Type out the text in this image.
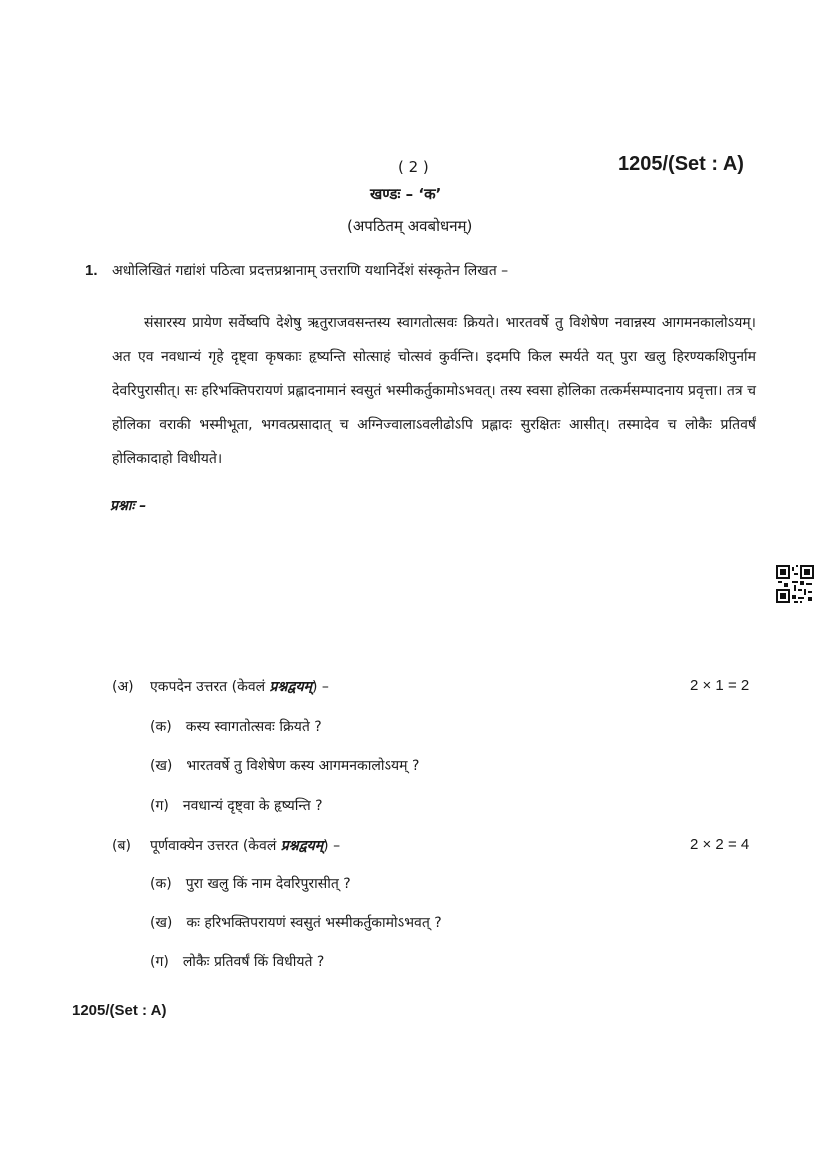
( 2 )	1205/(Set : A)
खण्डः – ‘क’
(अपठितम् अवबोधनम्)
1. अधोलिखितं गद्यांशं पठित्वा प्रदत्तप्रश्नानाम् उत्तराणि यथानिर्देशं संस्कृतेन लिखत –
संसारस्य प्रायेण सर्वेष्वपि देशेषु ऋतुराजवसन्तस्य स्वागतोत्सवः क्रियते। भारतवर्षे तु विशेषेण नवान्नस्य आगमनकालोऽयम्। अत एव नवधान्यं गृहे दृष्ट्वा कृषकाः हृष्यन्ति सोत्साहं चोत्सवं कुर्वन्ति। इदमपि किल स्मर्यते यत् पुरा खलु हिरण्यकशिपुर्नाम देवरिपुरासीत्। सः हरिभक्तिपरायणं प्रह्लादनामानं स्वसुतं भस्मीकर्तुकामोऽभवत्। तस्य स्वसा होलिका तत्कर्मसम्पादनाय प्रवृत्ता। तत्र च होलिका वराकी भस्मीभूता, भगवत्प्रसादात् च अग्निज्वालाऽवलीढोऽपि प्रह्लादः सुरक्षितः आसीत्। तस्मादेव च लोकैः प्रतिवर्षं होलिकादाहो विधीयते।
प्रश्नाः –
(अ) एकपदेन उत्तरत (केवलं प्रश्नद्वयम्) –	2 × 1 = 2
(क) कस्य स्वागतोत्सवः क्रियते ?
(ख) भारतवर्षे तु विशेषेण कस्य आगमनकालोऽयम् ?
(ग) नवधान्यं दृष्ट्वा के हृष्यन्ति ?
(ब) पूर्णवाक्येन उत्तरत (केवलं प्रश्नद्वयम्) –	2 × 2 = 4
(क) पुरा खलु किं नाम देवरिपुरासीत् ?
(ख) कः हरिभक्तिपरायणं स्वसुतं भस्मीकर्तुकामोऽभवत् ?
(ग) लोकैः प्रतिवर्षं किं विधीयते ?
1205/(Set : A)
